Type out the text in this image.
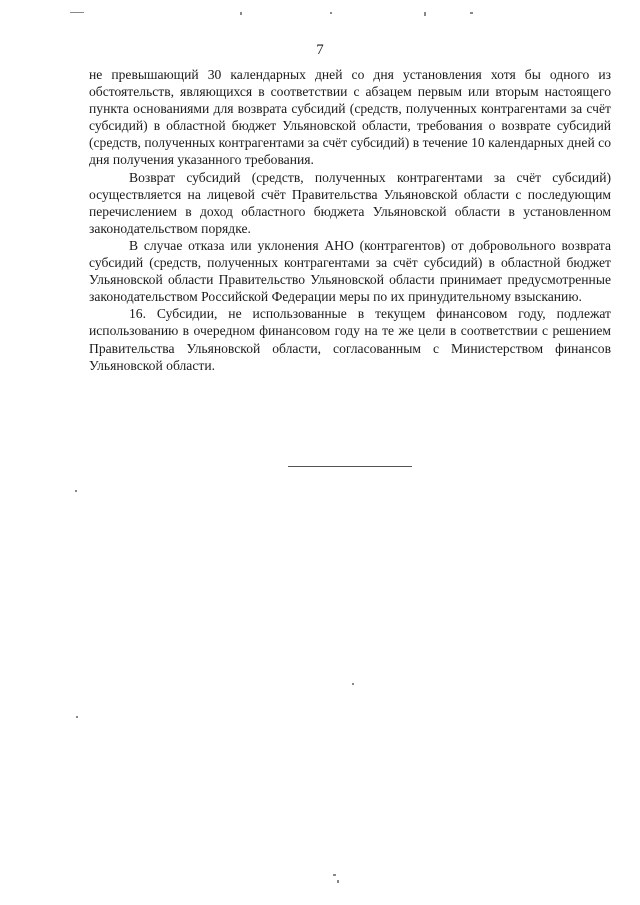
7

не превышающий 30 календарных дней со дня установления хотя бы одного из обстоятельств, являющихся в соответствии с абзацем первым или вторым настоящего пункта основаниями для возврата субсидий (средств, полученных контрагентами за счёт субсидий) в областной бюджет Ульяновской области, требования о возврате субсидий (средств, полученных контрагентами за счёт субсидий) в течение 10 календарных дней со дня получения указанного требования.

Возврат субсидий (средств, полученных контрагентами за счёт субсидий) осуществляется на лицевой счёт Правительства Ульяновской области с последующим перечислением в доход областного бюджета Ульяновской области в установленном законодательством порядке.

В случае отказа или уклонения АНО (контрагентов) от добровольного возврата субсидий (средств, полученных контрагентами за счёт субсидий) в областной бюджет Ульяновской области Правительство Ульяновской области принимает предусмотренные законодательством Российской Федерации меры по их принудительному взысканию.

16. Субсидии, не использованные в текущем финансовом году, подлежат использованию в очередном финансовом году на те же цели в соответствии с решением Правительства Ульяновской области, согласованным с Министерством финансов Ульяновской области.
